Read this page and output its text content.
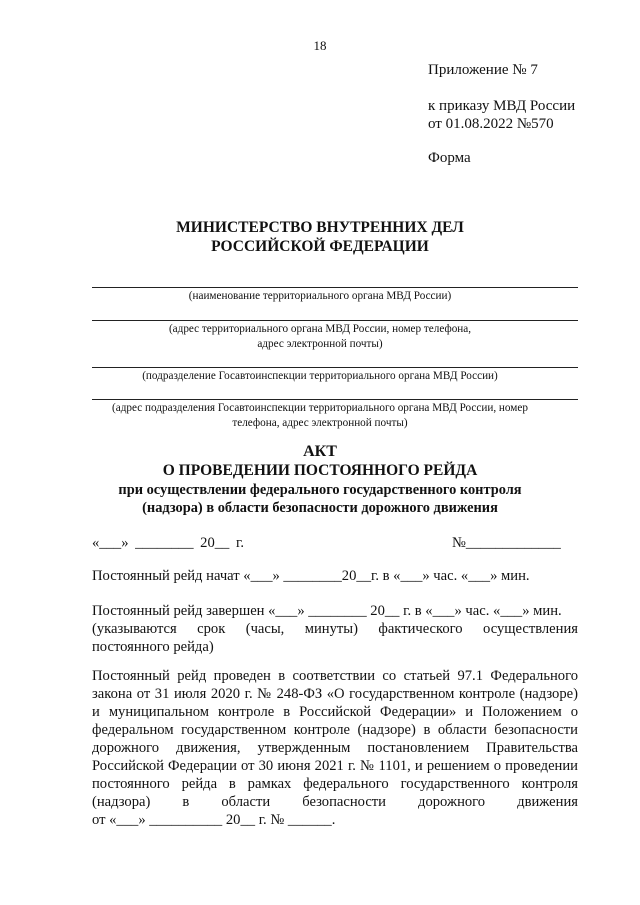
18
Приложение № 7
к приказу МВД России
от 01.08.2022 №570
Форма
МИНИСТЕРСТВО ВНУТРЕННИХ ДЕЛ
РОССИЙСКОЙ ФЕДЕРАЦИИ
(наименование территориального органа МВД России)
(адрес территориального органа МВД России, номер телефона,
адрес электронной почты)
(подразделение Госавтоинспекции территориального органа МВД России)
(адрес подразделения Госавтоинспекции территориального органа МВД России, номер
телефона, адрес электронной почты)
АКТ
О ПРОВЕДЕНИИ ПОСТОЯННОГО РЕЙДА
при осуществлении федерального государственного контроля
(надзора) в области безопасности дорожного движения
«___» ________ 20__ г.	№_____________
Постоянный рейд начат «___» ________20__г. в «___» час. «___» мин.
Постоянный рейд завершен «___» ________ 20__ г. в «___» час. «___» мин.
(указываются срок (часы, минуты) фактического осуществления
постоянного рейда)
Постоянный рейд проведен в соответствии со статьей 97.1 Федерального
закона от 31 июля 2020 г. № 248-ФЗ «О государственном контроле (надзоре)
и муниципальном контроле в Российской Федерации» и Положением о
федеральном государственном контроле (надзоре) в области безопасности
дорожного движения, утвержденным постановлением Правительства
Российской Федерации от 30 июня 2021 г. № 1101, и решением о проведении
постоянного рейда в рамках федерального государственного контроля
(надзора) в области безопасности дорожного движения
от «___» __________ 20__ г. № ______.
